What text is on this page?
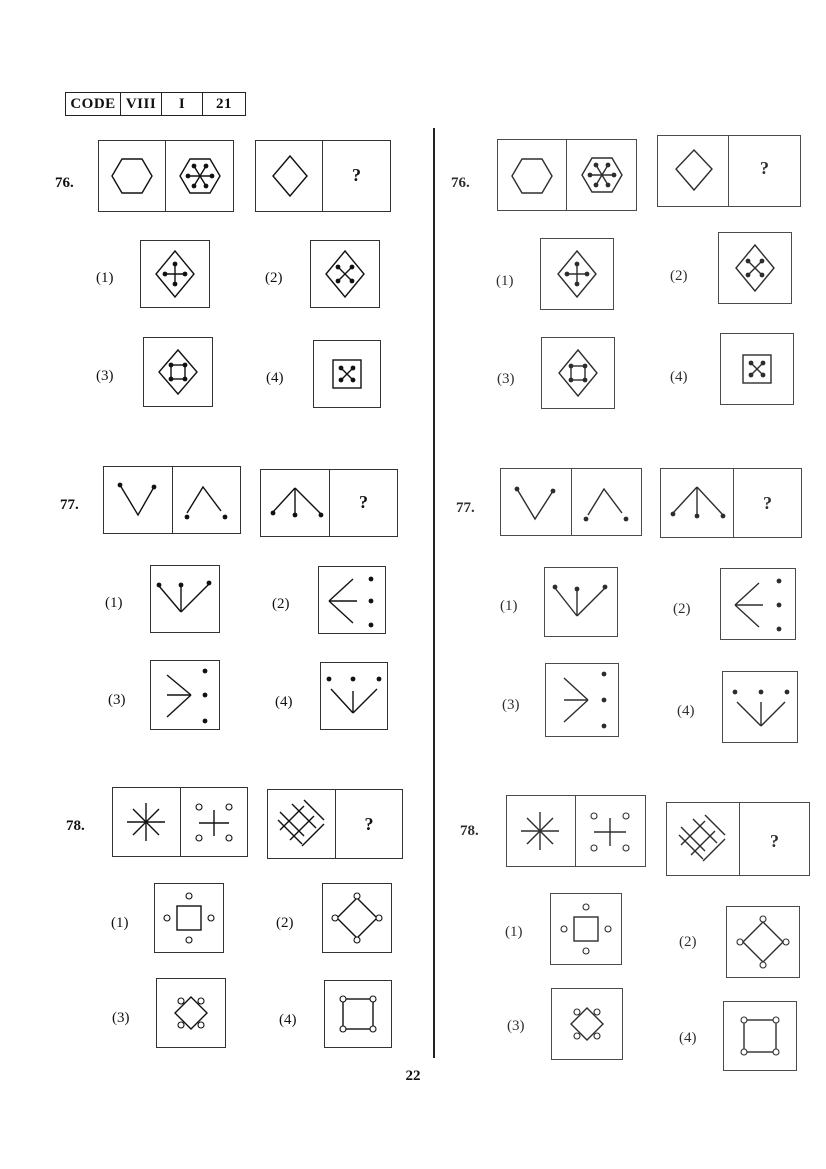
CODE VIII	I	21
76.	?
(1)	(2)
(3)	(4)
77.	?
(1)	(2)
(3)	(4)
78.	?
(1)	(2)
(3)	(4)
76.
?
(1)	(2)
(3)	(4)
77.	?
(1)	(2)
(3)	(4)
78.	?
(1)
(2)
(3)
(4)
22
